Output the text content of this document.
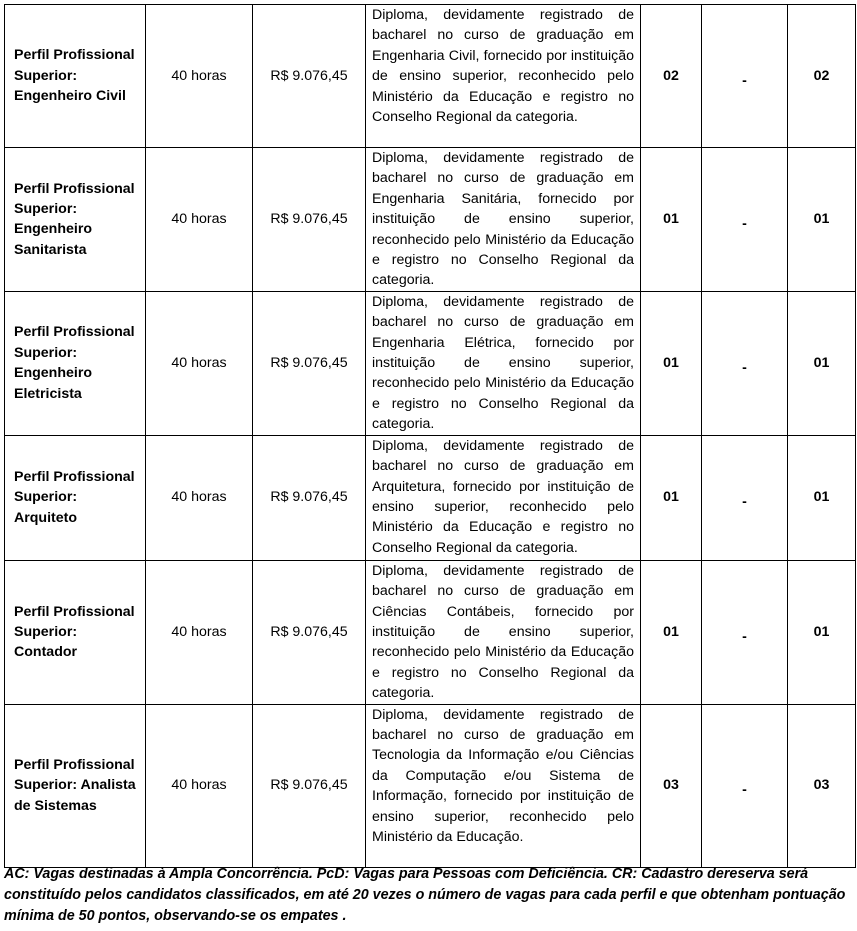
Perfil Profissional Superior: Engenheiro Civil	40 horas	R$ 9.076,45	Diploma, devidamente registrado de bacharel no curso de graduação em Engenharia Civil, fornecido por instituição de ensino superior, reconhecido pelo Ministério da Educação e registro no Conselho Regional da categoria.	02	-	02
Perfil Profissional Superior: Engenheiro Sanitarista	40 horas	R$ 9.076,45	Diploma, devidamente registrado de bacharel no curso de graduação em Engenharia Sanitária, fornecido por instituição de ensino superior, reconhecido pelo Ministério da Educação e registro no Conselho Regional da categoria.	01	-	01
Perfil Profissional Superior: Engenheiro Eletricista	40 horas	R$ 9.076,45	Diploma, devidamente registrado de bacharel no curso de graduação em Engenharia Elétrica, fornecido por instituição de ensino superior, reconhecido pelo Ministério da Educação e registro no Conselho Regional da categoria.	01	-	01
Perfil Profissional Superior: Arquiteto	40 horas	R$ 9.076,45	Diploma, devidamente registrado de bacharel no curso de graduação em Arquitetura, fornecido por instituição de ensino superior, reconhecido pelo Ministério da Educação e registro no Conselho Regional da categoria.	01	-	01
Perfil Profissional Superior: Contador	40 horas	R$ 9.076,45	Diploma, devidamente registrado de bacharel no curso de graduação em Ciências Contábeis, fornecido por instituição de ensino superior, reconhecido pelo Ministério da Educação e registro no Conselho Regional da categoria.	01	-	01
Perfil Profissional Superior: Analista de Sistemas	40 horas	R$ 9.076,45	Diploma, devidamente registrado de bacharel no curso de graduação em Tecnologia da Informação e/ou Ciências da Computação e/ou Sistema de Informação, fornecido por instituição de ensino superior, reconhecido pelo Ministério da Educação.	03	-	03
AC: Vagas destinadas à Ampla Concorrência. PcD: Vagas para Pessoas com Deficiência. CR: Cadastro dereserva será constituído pelos candidatos classificados, em até 20 vezes o número de vagas para cada perfil e que obtenham pontuação mínima de 50 pontos, observando-se os empates .
